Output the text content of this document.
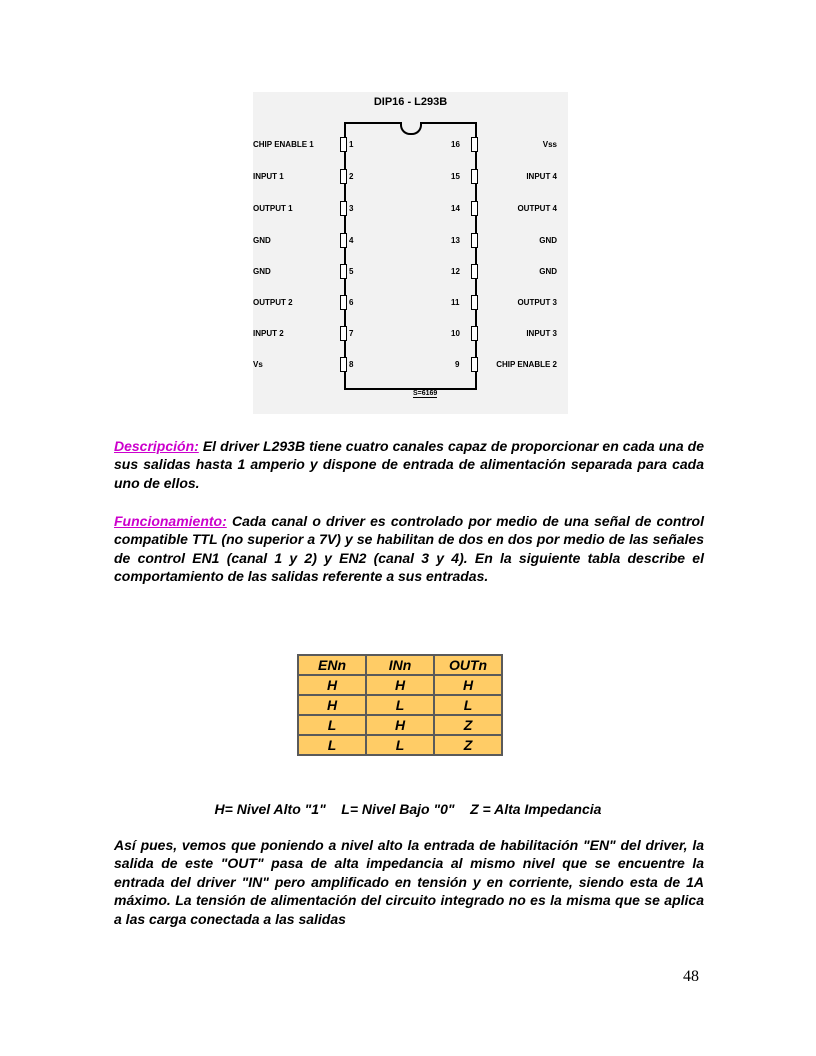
DIP16 - L293B
1
CHIP ENABLE 1
2
INPUT 1
3
OUTPUT 1
4
GND
5
GND
6
OUTPUT 2
7
INPUT 2
8
Vs
16	Vss
15	INPUT 4
14	OUTPUT 4
13	GND
12	GND
11	OUTPUT 3
10	INPUT 3
9	CHIP ENABLE 2
S=6169
Descripción: El driver L293B tiene cuatro canales capaz de proporcionar en cada una de sus salidas hasta 1 amperio y dispone de entrada de alimentación separada para cada uno de ellos.
Funcionamiento: Cada canal o driver es controlado por medio de una señal de control compatible TTL (no superior a 7V) y se habilitan de dos en dos por medio de las señales de control EN1 (canal 1 y 2) y EN2 (canal 3 y 4). En la siguiente tabla describe el comportamiento de las salidas referente a sus entradas.
ENn	INn	OUTn
H	H	H
H	L	L
L	H	Z
L	L	Z
H= Nivel Alto "1"    L= Nivel Bajo "0"    Z = Alta Impedancia
Así pues, vemos que poniendo a nivel alto la entrada de habilitación "EN" del driver, la salida de este "OUT" pasa de alta impedancia al mismo nivel que se encuentre la entrada del driver "IN" pero amplificado en tensión y en corriente, siendo esta de 1A máximo. La tensión de alimentación del circuito integrado no es la misma que se aplica a las carga conectada a las salidas
48
